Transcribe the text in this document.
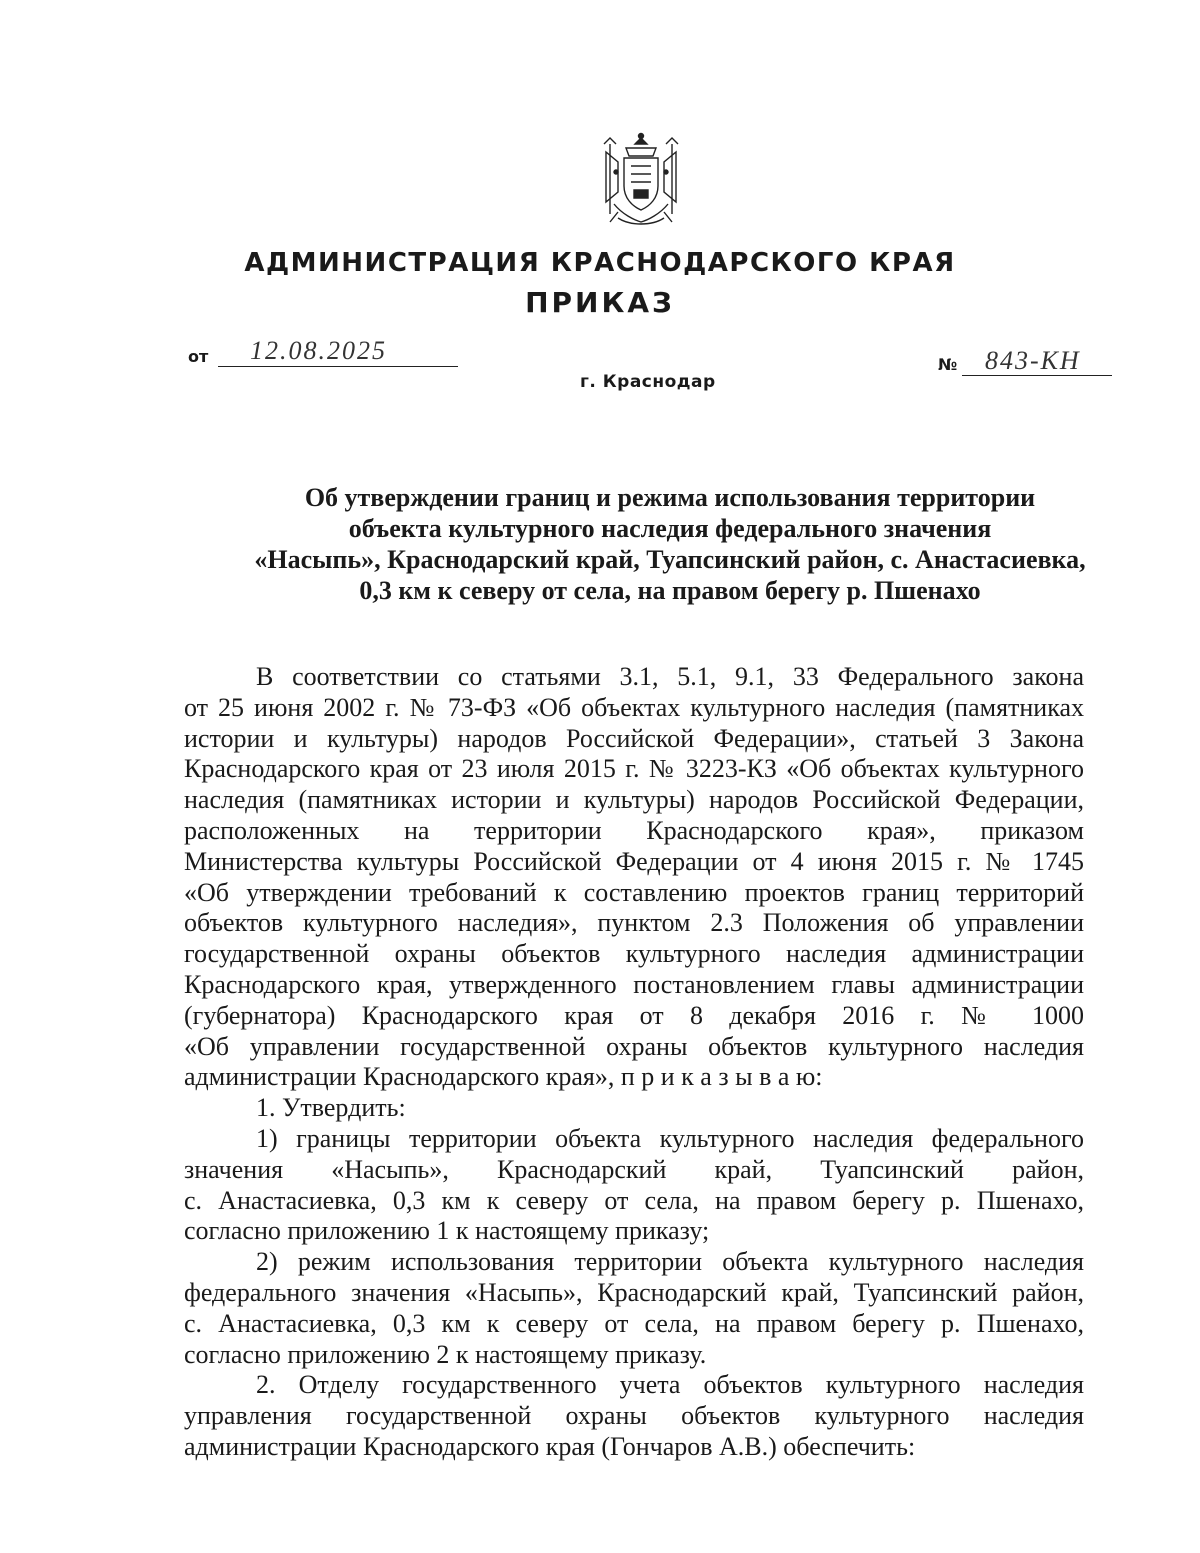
АДМИНИСТРАЦИЯ КРАСНОДАРСКОГО КРАЯ
ПРИКАЗ
от 12.08.2025	№ 843-КН
г. Краснодар
Об утверждении границ и режима использования территории
объекта культурного наследия федерального значения
«Насыпь», Краснодарский край, Туапсинский район, с. Анастасиевка,
0,3 км к северу от села, на правом берегу р. Пшенахо

В соответствии со статьями 3.1, 5.1, 9.1, 33 Федерального закона
от 25 июня 2002 г. № 73-ФЗ «Об объектах культурного наследия (памятниках
истории и культуры) народов Российской Федерации», статьей 3 Закона
Краснодарского края от 23 июля 2015 г. № 3223-КЗ «Об объектах культурного
наследия (памятниках истории и культуры) народов Российской Федерации,
расположенных на территории Краснодарского края», приказом
Министерства культуры Российской Федерации от 4 июня 2015 г. № 1745
«Об утверждении требований к составлению проектов границ территорий
объектов культурного наследия», пунктом 2.3 Положения об управлении
государственной охраны объектов культурного наследия администрации
Краснодарского края, утвержденного постановлением главы администрации
(губернатора) Краснодарского края от 8 декабря 2016 г. № 1000
«Об управлении государственной охраны объектов культурного наследия
администрации Краснодарского края», п р и к а з ы в а ю:

1. Утвердить:

1) границы территории объекта культурного наследия федерального
значения «Насыпь», Краснодарский край, Туапсинский район,
с. Анастасиевка, 0,3 км к северу от села, на правом берегу р. Пшенахо,
согласно приложению 1 к настоящему приказу;

2) режим использования территории объекта культурного наследия
федерального значения «Насыпь», Краснодарский край, Туапсинский район,
с. Анастасиевка, 0,3 км к северу от села, на правом берегу р. Пшенахо,
согласно приложению 2 к настоящему приказу.

2. Отделу государственного учета объектов культурного наследия
управления государственной охраны объектов культурного наследия
администрации Краснодарского края (Гончаров А.В.) обеспечить:
